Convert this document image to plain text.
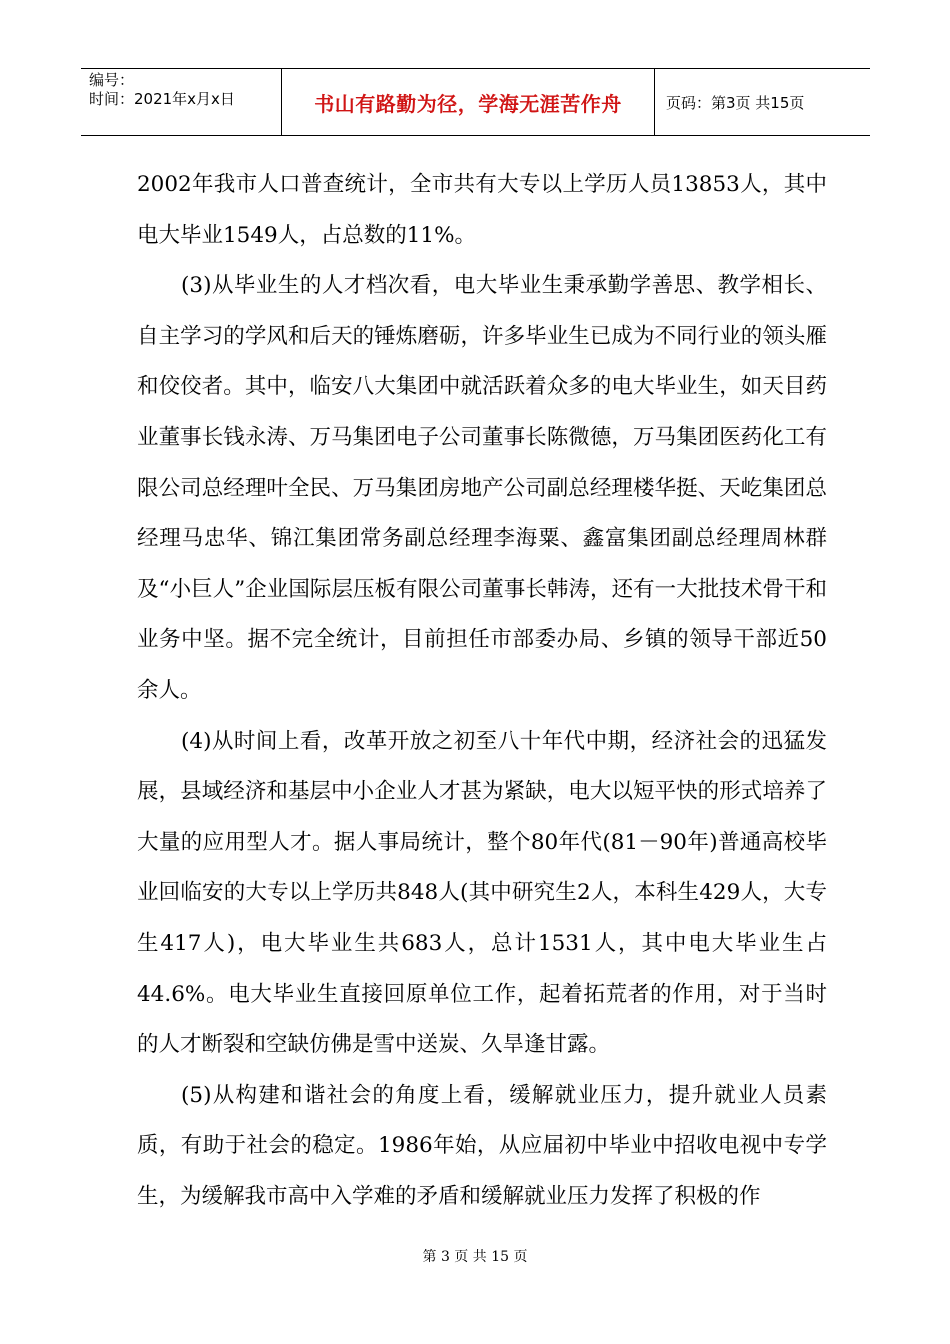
编号：
时间：2021年x月x日	书山有路勤为径，学海无涯苦作舟	页码：第3页 共15页

2002年我市人口普查统计，全市共有大专以上学历人员13853人，其中电大毕业1549人，占总数的11%。

(3)从毕业生的人才档次看，电大毕业生秉承勤学善思、教学相长、自主学习的学风和后天的锤炼磨砺，许多毕业生已成为不同行业的领头雁和佼佼者。其中，临安八大集团中就活跃着众多的电大毕业生，如天目药业董事长钱永涛、万马集团电子公司董事长陈微德，万马集团医药化工有限公司总经理叶全民、万马集团房地产公司副总经理楼华挺、天屹集团总经理马忠华、锦江集团常务副总经理李海粟、鑫富集团副总经理周林群及“小巨人”企业国际层压板有限公司董事长韩涛，还有一大批技术骨干和业务中坚。据不完全统计，目前担任市部委办局、乡镇的领导干部近50余人。

(4)从时间上看，改革开放之初至八十年代中期，经济社会的迅猛发展，县域经济和基层中小企业人才甚为紧缺，电大以短平快的形式培养了大量的应用型人才。据人事局统计，整个80年代(81－90年)普通高校毕业回临安的大专以上学历共848人(其中研究生2人，本科生429人，大专生417人)，电大毕业生共683人，总计1531人，其中电大毕业生占44.6%。电大毕业生直接回原单位工作，起着拓荒者的作用，对于当时的人才断裂和空缺仿佛是雪中送炭、久旱逢甘露。

(5)从构建和谐社会的角度上看，缓解就业压力，提升就业人员素质，有助于社会的稳定。1986年始，从应届初中毕业中招收电视中专学生，为缓解我市高中入学难的矛盾和缓解就业压力发挥了积极的作

第 3 页 共 15 页
